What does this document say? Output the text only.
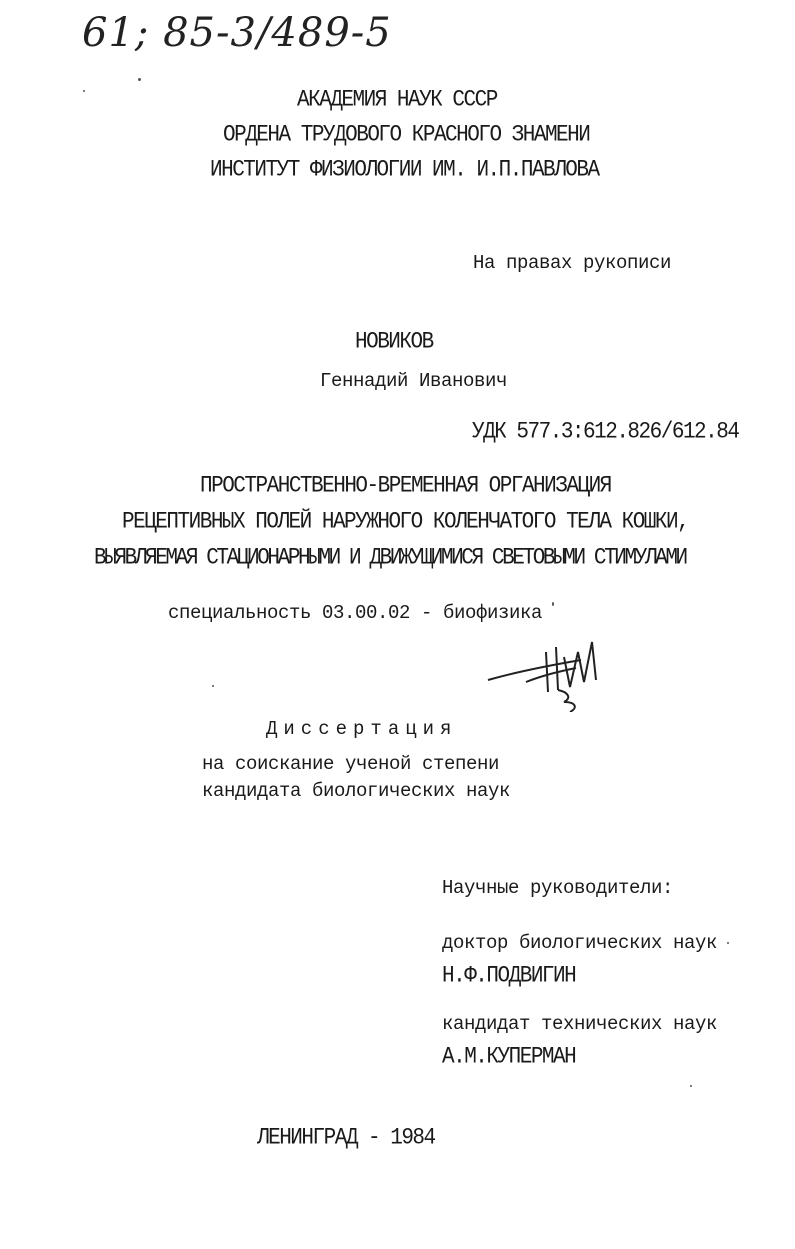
61; 85-3/489-5
АКАДЕМИЯ НАУК СССР
ОРДЕНА ТРУДОВОГО КРАСНОГО ЗНАМЕНИ
ИНСТИТУТ ФИЗИОЛОГИИ ИМ. И.П.ПАВЛОВА
На правах рукописи
НОВИКОВ
Геннадий Иванович
УДК 577.3:612.826/612.84
ПРОСТРАНСТВЕННО-ВРЕМЕННАЯ ОРГАНИЗАЦИЯ
РЕЦЕПТИВНЫХ ПОЛЕЙ НАРУЖНОГО КОЛЕНЧАТОГО ТЕЛА КОШКИ,
ВЫЯВЛЯЕМАЯ СТАЦИОНАРНЫМИ И ДВИЖУЩИМИСЯ СВЕТОВЫМИ СТИМУЛАМИ
специальность 03.00.02 - биофизика
Диссертация
на соискание ученой степени
кандидата биологических наук
Научные руководители:
доктор биологических наук
Н.Ф.ПОДВИГИН
кандидат технических наук
А.М.КУПЕРМАН
ЛЕНИНГРАД - 1984
